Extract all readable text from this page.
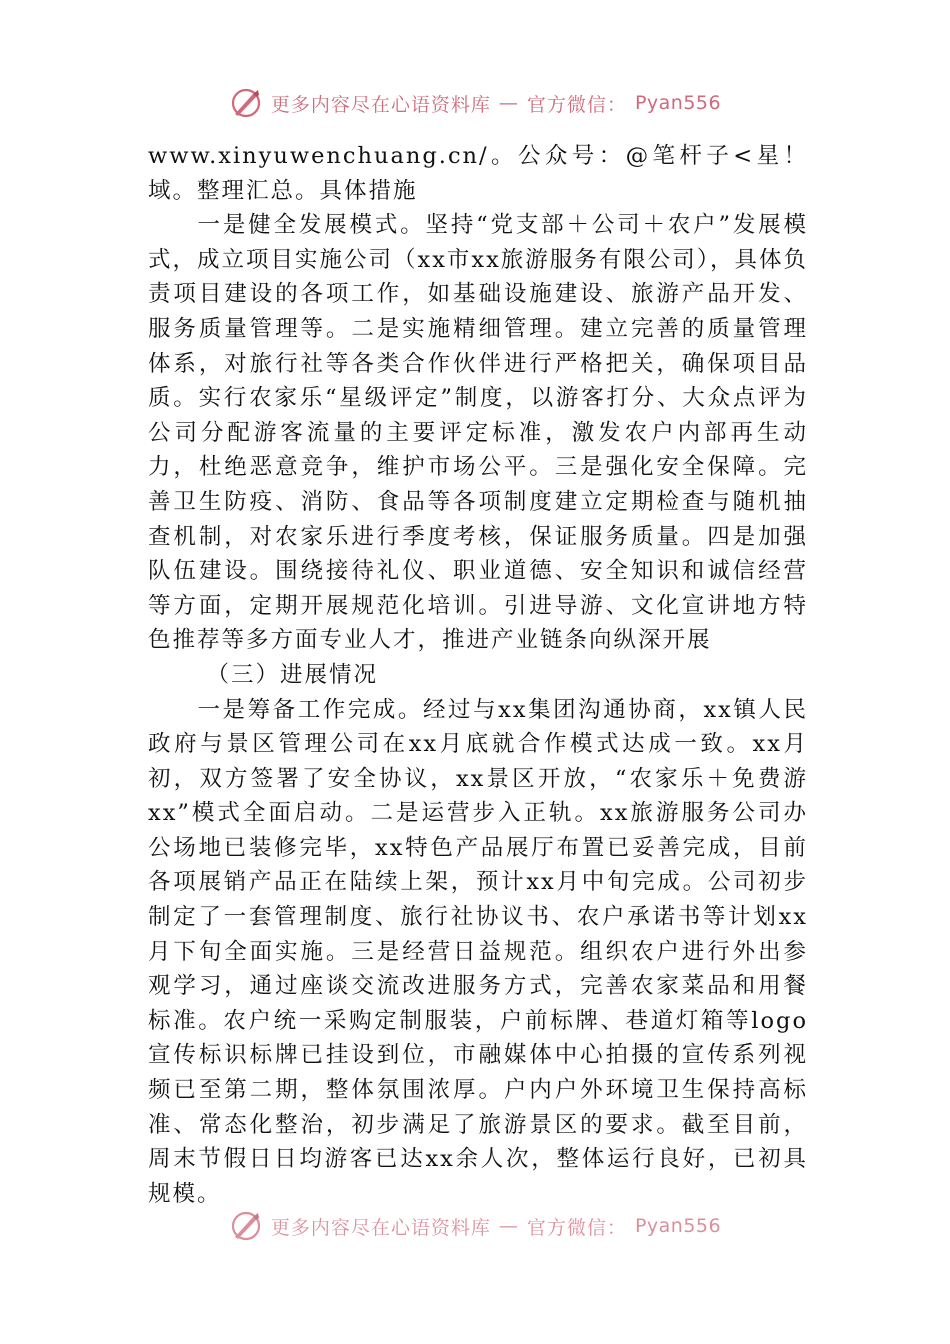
更多内容尽在心语资料库 — 官方微信： Pyan556

www.xinyuwenchuang.cn/。公众号：@笔杆子<星！域。整理汇总。具体措施

一是健全发展模式。坚持“党支部＋公司＋农户”发展模式，成立项目实施公司（xx市xx旅游服务有限公司），具体负责项目建设的各项工作，如基础设施建设、旅游产品开发、服务质量管理等。二是实施精细管理。建立完善的质量管理体系，对旅行社等各类合作伙伴进行严格把关，确保项目品质。实行农家乐“星级评定”制度，以游客打分、大众点评为公司分配游客流量的主要评定标准，激发农户内部再生动力，杜绝恶意竞争，维护市场公平。三是强化安全保障。完善卫生防疫、消防、食品等各项制度建立定期检查与随机抽查机制，对农家乐进行季度考核，保证服务质量。四是加强队伍建设。围绕接待礼仪、职业道德、安全知识和诚信经营等方面，定期开展规范化培训。引进导游、文化宣讲地方特色推荐等多方面专业人才，推进产业链条向纵深开展

（三）进展情况

一是筹备工作完成。经过与xx集团沟通协商，xx镇人民政府与景区管理公司在xx月底就合作模式达成一致。xx月初，双方签署了安全协议，xx景区开放，“农家乐＋免费游xx”模式全面启动。二是运营步入正轨。xx旅游服务公司办公场地已装修完毕，xx特色产品展厅布置已妥善完成，目前各项展销产品正在陆续上架，预计xx月中旬完成。公司初步制定了一套管理制度、旅行社协议书、农户承诺书等计划xx月下旬全面实施。三是经营日益规范。组织农户进行外出参观学习，通过座谈交流改进服务方式，完善农家菜品和用餐标准。农户统一采购定制服装，户前标牌、巷道灯箱等logo宣传标识标牌已挂设到位，市融媒体中心拍摄的宣传系列视频已至第二期，整体氛围浓厚。户内户外环境卫生保持高标准、常态化整治，初步满足了旅游景区的要求。截至目前，周末节假日日均游客已达xx余人次，整体运行良好，已初具规模。

更多内容尽在心语资料库 — 官方微信： Pyan556
